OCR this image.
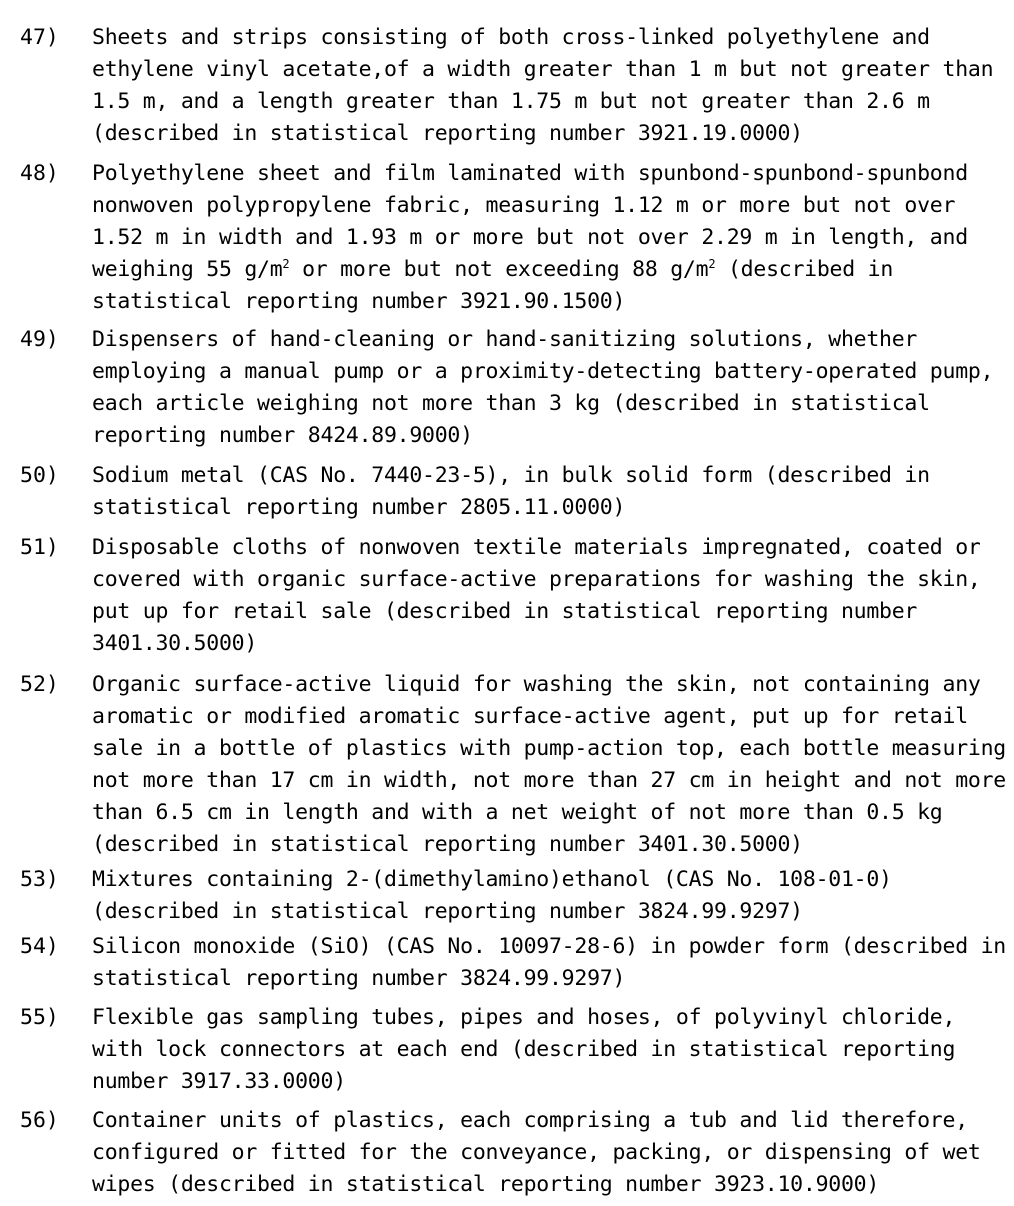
47)	Sheets and strips consisting of both cross-linked polyethylene and ethylene vinyl acetate,of a width greater than 1 m but not greater than 1.5 m, and a length greater than 1.75 m but not greater than 2.6 m (described in statistical reporting number 3921.19.0000)
48)	Polyethylene sheet and film laminated with spunbond-spunbond-spunbond nonwoven polypropylene fabric, measuring 1.12 m or more but not over 1.52 m in width and 1.93 m or more but not over 2.29 m in length, and weighing 55 $g/m^2$ or more but not exceeding 88 $g/m^2$ (described in statistical reporting number 3921.90.1500)
49)	Dispensers of hand-cleaning or hand-sanitizing solutions, whether employing a manual pump or a proximity-detecting battery-operated pump, each article weighing not more than 3 kg (described in statistical reporting number 8424.89.9000)
50)	Sodium metal (CAS No. 7440-23-5), in bulk solid form (described in statistical reporting number 2805.11.0000)
51)	Disposable cloths of nonwoven textile materials impregnated, coated or covered with organic surface-active preparations for washing the skin, put up for retail sale (described in statistical reporting number 3401.30.5000)
52)	Organic surface-active liquid for washing the skin, not containing any aromatic or modified aromatic surface-active agent, put up for retail sale in a bottle of plastics with pump-action top, each bottle measuring not more than 17 cm in width, not more than 27 cm in height and not more than 6.5 cm in length and with a net weight of not more than 0.5 kg (described in statistical reporting number 3401.30.5000)
53)	Mixtures containing 2-(dimethylamino)ethanol (CAS No. 108-01-0) (described in statistical reporting number 3824.99.9297)
54)	Silicon monoxide (SiO) (CAS No. 10097-28-6) in powder form (described in statistical reporting number 3824.99.9297)
55)	Flexible gas sampling tubes, pipes and hoses, of polyvinyl chloride, with lock connectors at each end (described in statistical reporting number 3917.33.0000)
56)	Container units of plastics, each comprising a tub and lid therefore, configured or fitted for the conveyance, packing, or dispensing of wet wipes (described in statistical reporting number 3923.10.9000)
